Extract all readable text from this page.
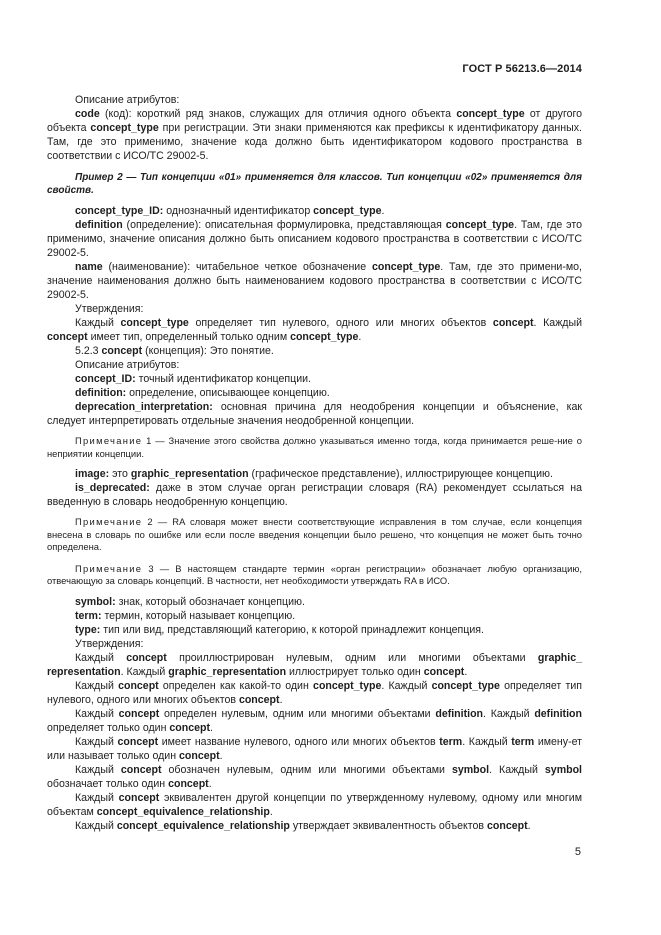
ГОСТ Р 56213.6—2014

Описание атрибутов:

code (код): короткий ряд знаков, служащих для отличия одного объекта concept_type от другого объекта concept_type при регистрации. Эти знаки применяются как префиксы к идентификатору данных. Там, где это применимо, значение кода должно быть идентификатором кодового пространства в соответствии с ИСО/ТС 29002-5.

Пример 2 — Тип концепции «01» применяется для классов. Тип концепции «02» применяется для свойств.

concept_type_ID: однозначный идентификатор concept_type.

definition (определение): описательная формулировка, представляющая concept_type. Там, где это применимо, значение описания должно быть описанием кодового пространства в соответствии с ИСО/ТС 29002-5.

name (наименование): читабельное четкое обозначение concept_type. Там, где это примени-мо, значение наименования должно быть наименованием кодового пространства в соответствии с ИСО/ТС 29002-5.

Утверждения:

Каждый concept_type определяет тип нулевого, одного или многих объектов concept. Каждый concept имеет тип, определенный только одним concept_type.

5.2.3 concept (концепция): Это понятие.

Описание атрибутов:

concept_ID: точный идентификатор концепции.

definition: определение, описывающее концепцию.

deprecation_interpretation: основная причина для неодобрения концепции и объяснение, как следует интерпретировать отдельные значения неодобренной концепции.

Примечание 1 — Значение этого свойства должно указываться именно тогда, когда принимается реше-ние о неприятии концепции.

image: это graphic_representation (графическое представление), иллюстрирующее концепцию.

is_deprecated: даже в этом случае орган регистрации словаря (RA) рекомендует ссылаться на введенную в словарь неодобренную концепцию.

Примечание 2 — RA словаря может внести соответствующие исправления в том случае, если концепция внесена в словарь по ошибке или если после введения концепции было решено, что концепция не может быть точно определена.

Примечание 3 — В настоящем стандарте термин «орган регистрации» обозначает любую организацию, отвечающую за словарь концепций. В частности, нет необходимости утверждать RA в ИСО.

symbol: знак, который обозначает концепцию.

term: термин, который называет концепцию.

type: тип или вид, представляющий категорию, к которой принадлежит концепция.

Утверждения:

Каждый concept проиллюстрирован нулевым, одним или многими объектами graphic_ representation. Каждый graphic_representation иллюстрирует только один concept.

Каждый concept определен как какой-то один concept_type. Каждый concept_type определяет тип нулевого, одного или многих объектов concept.

Каждый concept определен нулевым, одним или многими объектами definition. Каждый definition определяет только один concept.

Каждый concept имеет название нулевого, одного или многих объектов term. Каждый term имену-ет или называет только один concept.

Каждый concept обозначен нулевым, одним или многими объектами symbol. Каждый symbol обозначает только один concept.

Каждый concept эквивалентен другой концепции по утвержденному нулевому, одному или многим объектам concept_equivalence_relationship.

Каждый concept_equivalence_relationship утверждает эквивалентность объектов concept.

5
